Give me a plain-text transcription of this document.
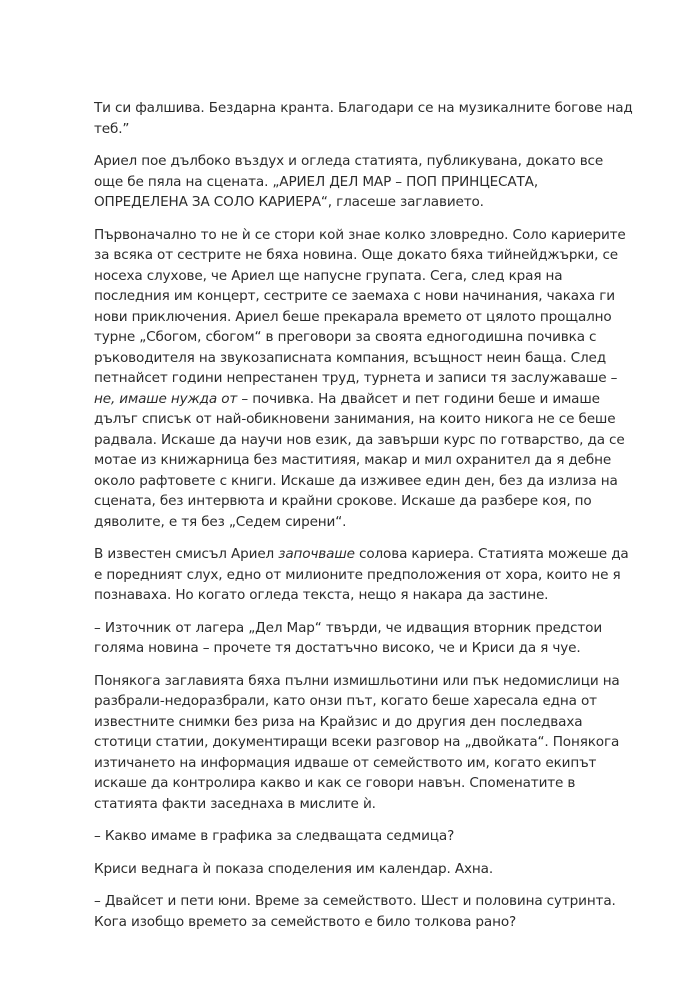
Ти си фалшива. Бездарна кранта. Благодари се на музикалните богове над теб.”

Ариел пое дълбоко въздух и огледа статията, публикувана, докато все още бе пяла на сцената. „АРИЕЛ ДЕЛ МАР – ПОП ПРИНЦЕСАТА, ОПРЕДЕЛЕНА ЗА СОЛО КАРИЕРА“, гласеше заглавието.

Първоначално то не ѝ се стори кой знае колко зловредно. Соло кариерите за всяка от сестрите не бяха новина. Още докато бяха тийнейджърки, се носеха слухове, че Ариел ще напусне групата. Сега, след края на последния им концерт, сестрите се заемаха с нови начинания, чакаха ги нови приключения. Ариел беше прекарала времето от цялото прощално турне „Сбогом, сбогом“ в преговори за своята едногодишна почивка с ръководителя на звукозаписната компания, всъщност неин баща. След петнайсет години непрестанен труд, турнета и записи тя заслужаваше – не, имаше нужда от – почивка. На двайсет и пет години беше и имаше дълъг списък от най-обикновени занимания, на които никога не се беше радвала. Искаше да научи нов език, да завърши курс по готварство, да се мотае из книжарница без маститияя, макар и мил охранител да я дебне около рафтовете с книги. Искаше да изживее един ден, без да излиза на сцената, без интервюта и крайни срокове. Искаше да разбере коя, по дяволите, е тя без „Седем сирени“.

В известен смисъл Ариел започваше солова кариера. Статията можеше да е поредният слух, едно от милионите предположения от хора, които не я познаваха. Но когато огледа текста, нещо я накара да застине.

– Източник от лагера „Дел Мар“ твърди, че идващия вторник предстои голяма новина – прочете тя достатъчно високо, че и Криси да я чуе.

Понякога заглавията бяха пълни измишльотини или пък недомислици на разбрали-недоразбрали, като онзи път, когато беше харесала една от известните снимки без риза на Крайзис и до другия ден последваха стотици статии, документиращи всеки разговор на „двойката“. Понякога изтичането на информация идваше от семейството им, когато екипът искаше да контролира какво и как се говори навън. Споменатите в статията факти заседнаха в мислите ѝ.

– Какво имаме в графика за следващата седмица?

Криси веднага ѝ показа споделения им календар. Ахна.

– Двайсет и пети юни. Време за семейството. Шест и половина сутринта. Кога изобщо времето за семейството е било толкова рано?
